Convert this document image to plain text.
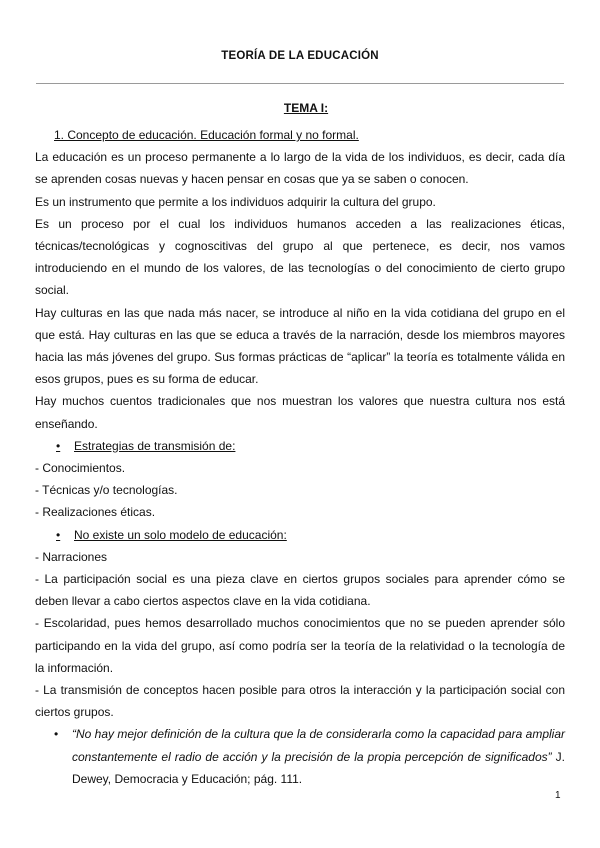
TEORÍA DE LA EDUCACIÓN
TEMA I:

1. Concepto de educación. Educación formal y no formal.

La educación es un proceso permanente a lo largo de la vida de los individuos, es decir, cada día se aprenden cosas nuevas y hacen pensar en cosas que ya se saben o conocen.

Es un instrumento que permite a los individuos adquirir la cultura del grupo.

Es un proceso por el cual los individuos humanos acceden a las realizaciones éticas, técnicas/tecnológicas y cognoscitivas del grupo al que pertenece, es decir, nos vamos introduciendo en el mundo de los valores, de las tecnologías o del conocimiento de cierto grupo social.

Hay culturas en las que nada más nacer, se introduce al niño en la vida cotidiana del grupo en el que está. Hay culturas en las que se educa a través de la narración, desde los miembros mayores hacia las más jóvenes del grupo. Sus formas prácticas de “aplicar” la teoría es totalmente válida en esos grupos, pues es su forma de educar.

Hay muchos cuentos tradicionales que nos muestran los valores que nuestra cultura nos está enseñando.

• Estrategias de transmisión de:

- Conocimientos.

- Técnicas y/o tecnologías.

- Realizaciones éticas.

• No existe un solo modelo de educación:

- Narraciones

- La participación social es una pieza clave en ciertos grupos sociales para aprender cómo se deben llevar a cabo ciertos aspectos clave en la vida cotidiana.

- Escolaridad, pues hemos desarrollado muchos conocimientos que no se pueden aprender sólo participando en la vida del grupo, así como podría ser la teoría de la relatividad o la tecnología de la información.

- La transmisión de conceptos hacen posible para otros la interacción y la participación social con ciertos grupos.

• “No hay mejor definición de la cultura que la de considerarla como la capacidad para ampliar constantemente el radio de acción y la precisión de la propia percepción de significados” J. Dewey, Democracia y Educación; pág. 111.

1
